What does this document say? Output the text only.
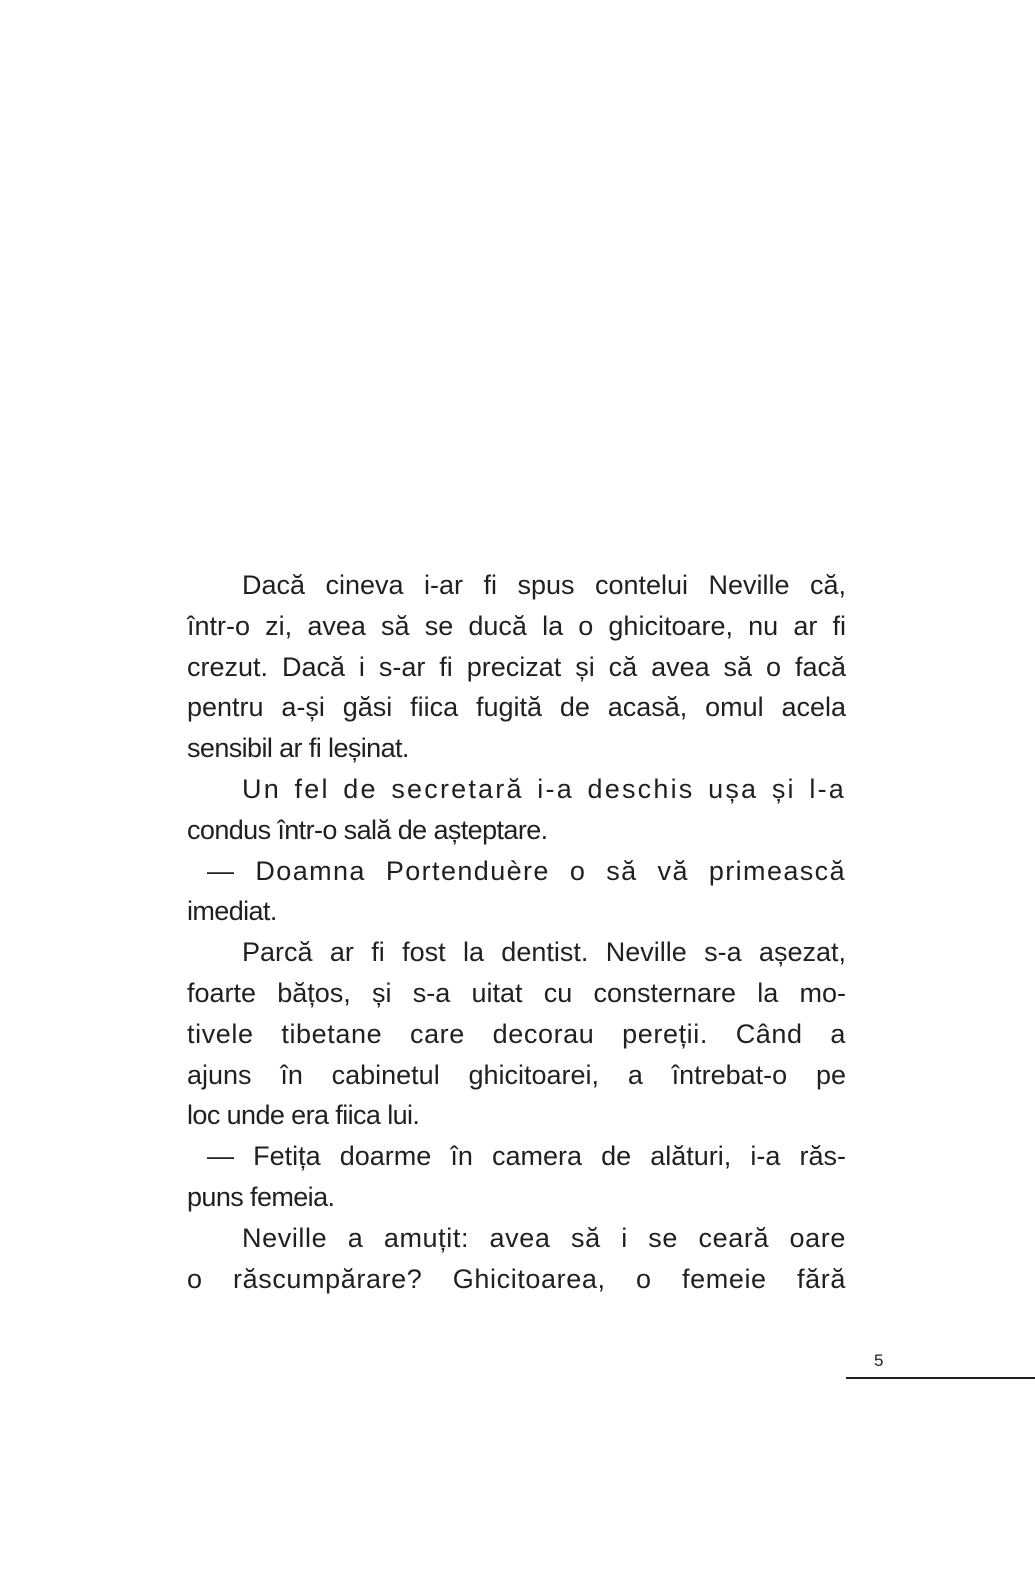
Dacă cineva i-ar fi spus contelui Neville că,
într-o zi, avea să se ducă la o ghicitoare, nu ar fi
crezut. Dacă i s-ar fi precizat și că avea să o facă
pentru a-și găsi fiica fugită de acasă, omul acela
sensibil ar fi leșinat.
Un fel de secretară i-a deschis ușa și l-a
condus într-o sală de așteptare.
— Doamna Portenduère o să vă primească
imediat.
Parcă ar fi fost la dentist. Neville s-a așezat,
foarte bățos, și s-a uitat cu consternare la mo-
tivele tibetane care decorau pereții. Când a
ajuns în cabinetul ghicitoarei, a întrebat-o pe
loc unde era fiica lui.
— Fetița doarme în camera de alături, i-a răs-
puns femeia.
Neville a amuțit: avea să i se ceară oare
o răscumpărare? Ghicitoarea, o femeie fără
5
